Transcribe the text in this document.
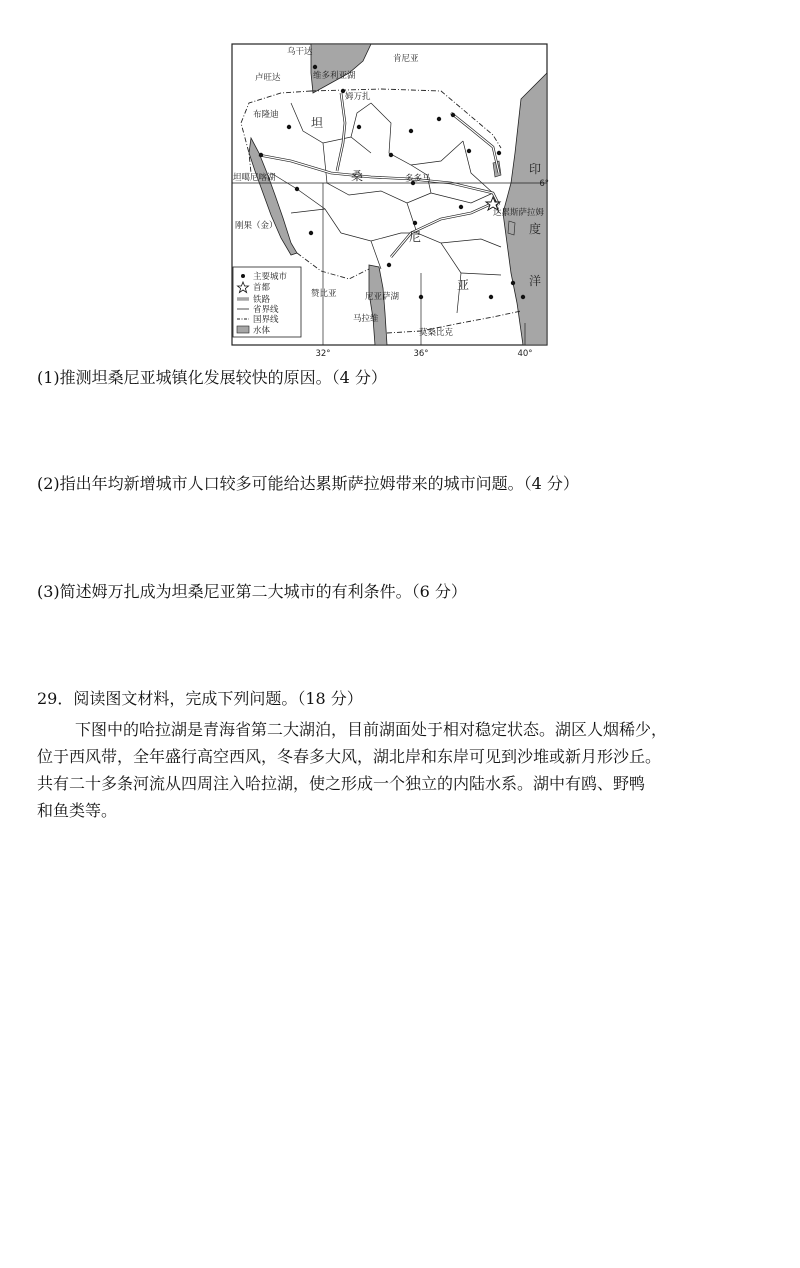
乌干达
肯尼亚
卢旺达	维多利亚湖
姆万扎
布隆迪
坦噶尼喀湖	多多马
达累斯萨拉姆
刚果（金）
赞比亚	尼亚萨湖
马拉维
莫桑比克
坦
桑
尼
亚
印
度
洋
6°
32°	36°	40°
主要城市
首都
铁路
省界线
国界线
水体
(1)推测坦桑尼亚城镇化发展较快的原因。（4 分）
(2)指出年均新增城市人口较多可能给达累斯萨拉姆带来的城市问题。（4 分）
(3)简述姆万扎成为坦桑尼亚第二大城市的有利条件。（6 分）
29．阅读图文材料，完成下列问题。（18 分）
下图中的哈拉湖是青海省第二大湖泊，目前湖面处于相对稳定状态。湖区人烟稀少，
位于西风带，全年盛行高空西风，冬春多大风，湖北岸和东岸可见到沙堆或新月形沙丘。
共有二十多条河流从四周注入哈拉湖，使之形成一个独立的内陆水系。湖中有鸥、野鸭
和鱼类等。
